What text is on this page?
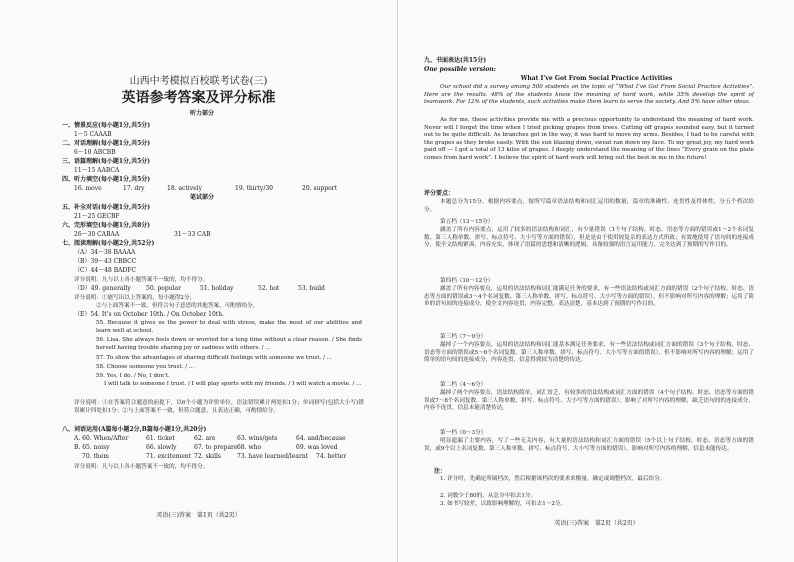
山西中考模拟百校联考试卷(三)
英语参考答案及评分标准
听力部分
一、情景反应(每小题1分,共5分)
1～5 CAAAB
二、对话理解(每小题1分,共5分)
6～10 ABCBB
三、语篇理解(每小题1分,共5分)
11～15 AABCA
四、听力填空(每小题1分,共5分)
16. move	17. dry	18. actively	19. thirty/30	20. support
笔试部分
五、补全对话(每小题1分,共5分)
21～25 GECBF
六、完形填空(每小题1分,共8分)
26～30 CABAA	31～33 CAB
七、阅读理解(每小题2分,共52分)
（A）34～38 BAAAA
（B）39～43 CBBCC
（C）44～48 BADFC
评分说明：凡与以上各小题答案不一致的，均不得分。
（D）49. generally	50. popular	51. holiday	52. hot	53. build
评分说明：①能写出以上答案的，每小题得2分；
②与上面答案不一致，但符合句子意思的其他答案，可酌情给分。
（E）54. It’s on October 10th. / On October 10th.
55. Because it gives us the power to deal with stress, make the most of our abilities and learn well at school.
56. Lisa. She always feels down or worried for a long time without a clear reason. / She finds herself having trouble sharing joy or sadness with others. / ...
57. To show the advantages of sharing difficult feelings with someone we trust. / ...
58. Choose someone you trust. / ...
59. Yes, I do. / No, I don’t.
I will talk to someone I trust. / I will play sports with my friends. / I will watch a movie. / ...
评分说明：①在答案符合题意的前提下，以6个小题为评价单位，语法错误累计两处扣1分；单词拼写(包括大小写)错误累计四处扣1分；②与上面答案不一致，但符合题意，且表达正确，可酌情给分。
八、词语运用(A篇每小题2分,B篇每小题1分,共20分)
A. 60. When/After	61. ticket	62. are	63. wins/gets	64. and/because
B. 65. noisy	66. slowly	67. to prepare 68. who	69. was loved
70. them	71. excitement 72. skills	73. have learned/learnt 74. better
评分说明：凡与以上各小题答案不一致的，均不得分。
英语(三)答案　第1页（共2页）
九、书面表达(共15分)
One possible version:
What I’ve Got From Social Practice Activities
Our school did a survey among 500 students on the topic of “What I’ve Got From Social Practice Activities”. Here are the results. 48% of the students know the meaning of hard work, while 35% develop the spirit of teamwork. For 12% of the students, such activities make them learn to serve the society. And 5% have other ideas.
As for me, these activities provide me with a precious opportunity to understand the meaning of hard work. Never will I forget the time when I tried picking grapes from trees. Cutting off grapes sounded easy, but it turned out to be quite difficult. As branches got in the way, it was hard to move my arms. Besides, I had to be careful with the grapes as they broke easily. With the sun blazing down, sweat ran down my face. To my great joy, my hard work paid off — I got a total of 13 kilos of grapes. I deeply understand the meaning of the lines “Every grain on the plate comes from hard work”. I believe the spirit of hard work will bring out the best in me in the future!
评分要点：
本题总分为15分，根据内容要点，按所写篇章语法结构和词汇运用的数量，篇章的准确性、连贯性及得体性，分五个档次给分。
第五档（13～15分）
涵盖了所有内容要点，运用了较多的语法结构和词汇，有少量错误（1个句子结构、时态、语态等方面的错误或1～2个名词复数、第三人称单数、拼写、标点符号、大小写等方面的错误），但是是由于使用较复杂的表达方式所致；有效地使用了语句间的连接成分，使全文结构紧凑，内容充实，体现了语篇的思想和清晰的逻辑，具备较强的语言运用能力，完全达到了预期的写作目的。
第四档（10～12分）
涵盖了所有内容要点，运用的语法结构和词汇能满足任务的要求，有一些语法结构或词汇方面的错误（2个句子结构、时态、语态等方面的错误或3～4个名词复数、第三人称单数、拼写、标点符号、大小写等方面的错误），但不影响对所写内容的理解；运用了简单的语句间的连接成分，使全文内容连贯，内容完整，表达清楚，基本达到了预期的写作目的。
第三档（7～9分）
漏掉了一个内容要点，运用的语法结构和词汇能基本满足任务要求，有一些语法结构或词汇方面的错误（3个句子结构、时态、语态等方面的错误或5～6个名词复数、第三人称单数、拼写、标点符号、大小写等方面的错误），但不影响对所写内容的理解；运用了简单的语句间的连接成分，内容连贯，信息得到较为清楚的传达。
第二档（4～6分）
漏掉了两个内容要点，语法结构简单，词汇贫乏，有较多的语法结构或词汇方面的错误（4个句子结构、时态、语态等方面的错误或7～8个名词复数、第三人称单数、拼写、标点符号、大小写等方面的错误），影响了对所写内容的理解，缺乏语句间的连接成分，内容不连贯，信息未能清楚传达。
第一档（0～3分）
明显遗漏了主要内容，写了一些无关内容，有大量的语法结构和词汇方面的错误（5个以上句子结构、时态、语态等方面的错误，或9个以上名词复数、第三人称单数、拼写、标点符号、大小写等方面的错误），影响对所写内容的理解，信息未能传达。
注：
1. 评分时，先确定所属档次，然后根据该档次的要求来衡量，确定或调整档次，最后给分。
2. 词数少于80的，从总分中扣去1分。
3. 如书写较差，以致影响理解的，可扣去1～2分。
英语(三)答案　第2页（共2页）
